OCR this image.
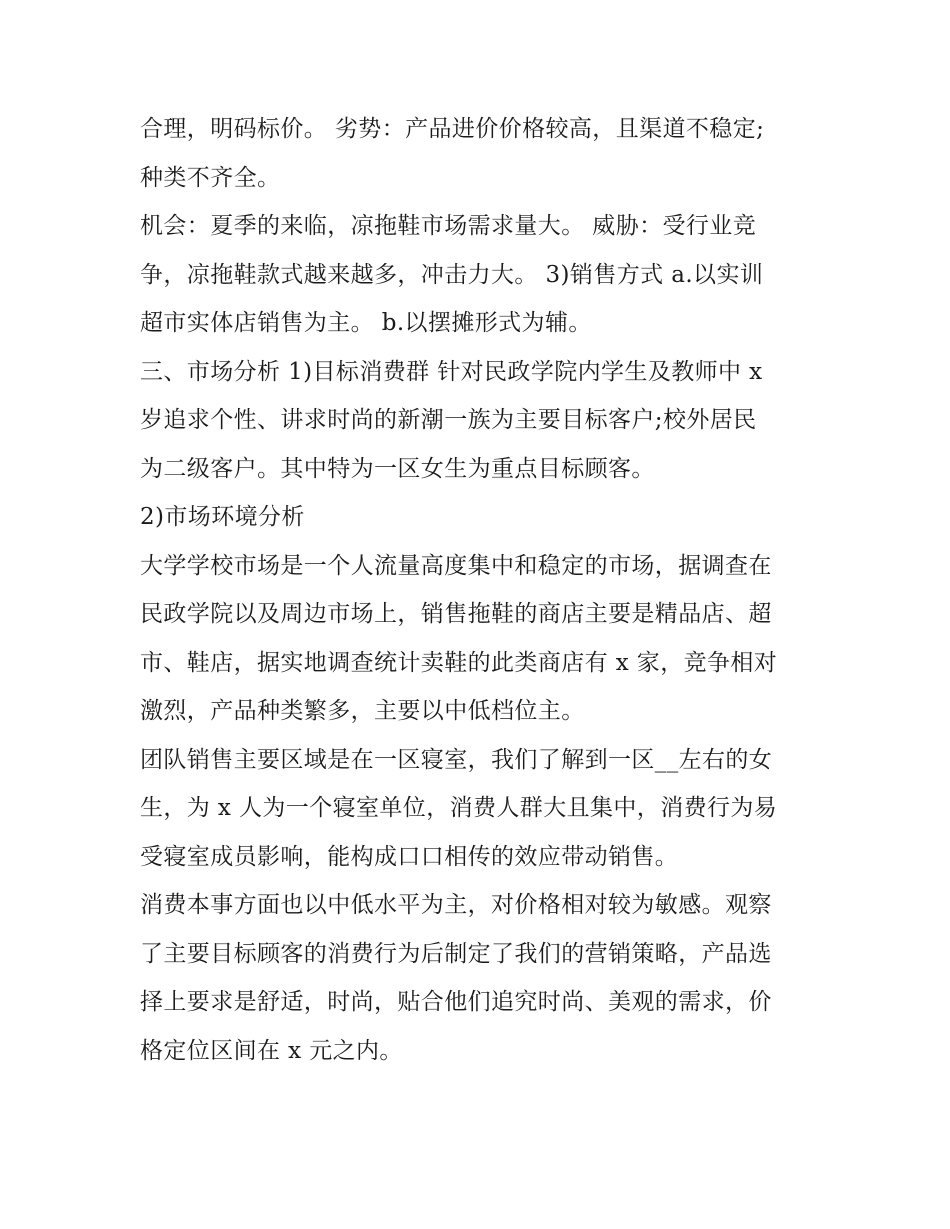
合理，明码标价。 劣势：产品进价价格较高，且渠道不稳定;
种类不齐全。

机会：夏季的来临，凉拖鞋市场需求量大。 威胁：受行业竞
争，凉拖鞋款式越来越多，冲击力大。 3)销售方式 a.以实训
超市实体店销售为主。 b.以摆摊形式为辅。

三、市场分析 1)目标消费群 针对民政学院内学生及教师中 x
岁追求个性、讲求时尚的新潮一族为主要目标客户;校外居民
为二级客户。其中特为一区女生为重点目标顾客。

2)市场环境分析

大学学校市场是一个人流量高度集中和稳定的市场，据调查在
民政学院以及周边市场上，销售拖鞋的商店主要是精品店、超
市、鞋店，据实地调查统计卖鞋的此类商店有 x 家，竞争相对
激烈，产品种类繁多，主要以中低档位主。

团队销售主要区域是在一区寝室，我们了解到一区__左右的女
生，为 x 人为一个寝室单位，消费人群大且集中，消费行为易
受寝室成员影响，能构成口口相传的效应带动销售。

消费本事方面也以中低水平为主，对价格相对较为敏感。观察
了主要目标顾客的消费行为后制定了我们的营销策略，产品选
择上要求是舒适，时尚，贴合他们追究时尚、美观的需求，价
格定位区间在 x 元之内。
